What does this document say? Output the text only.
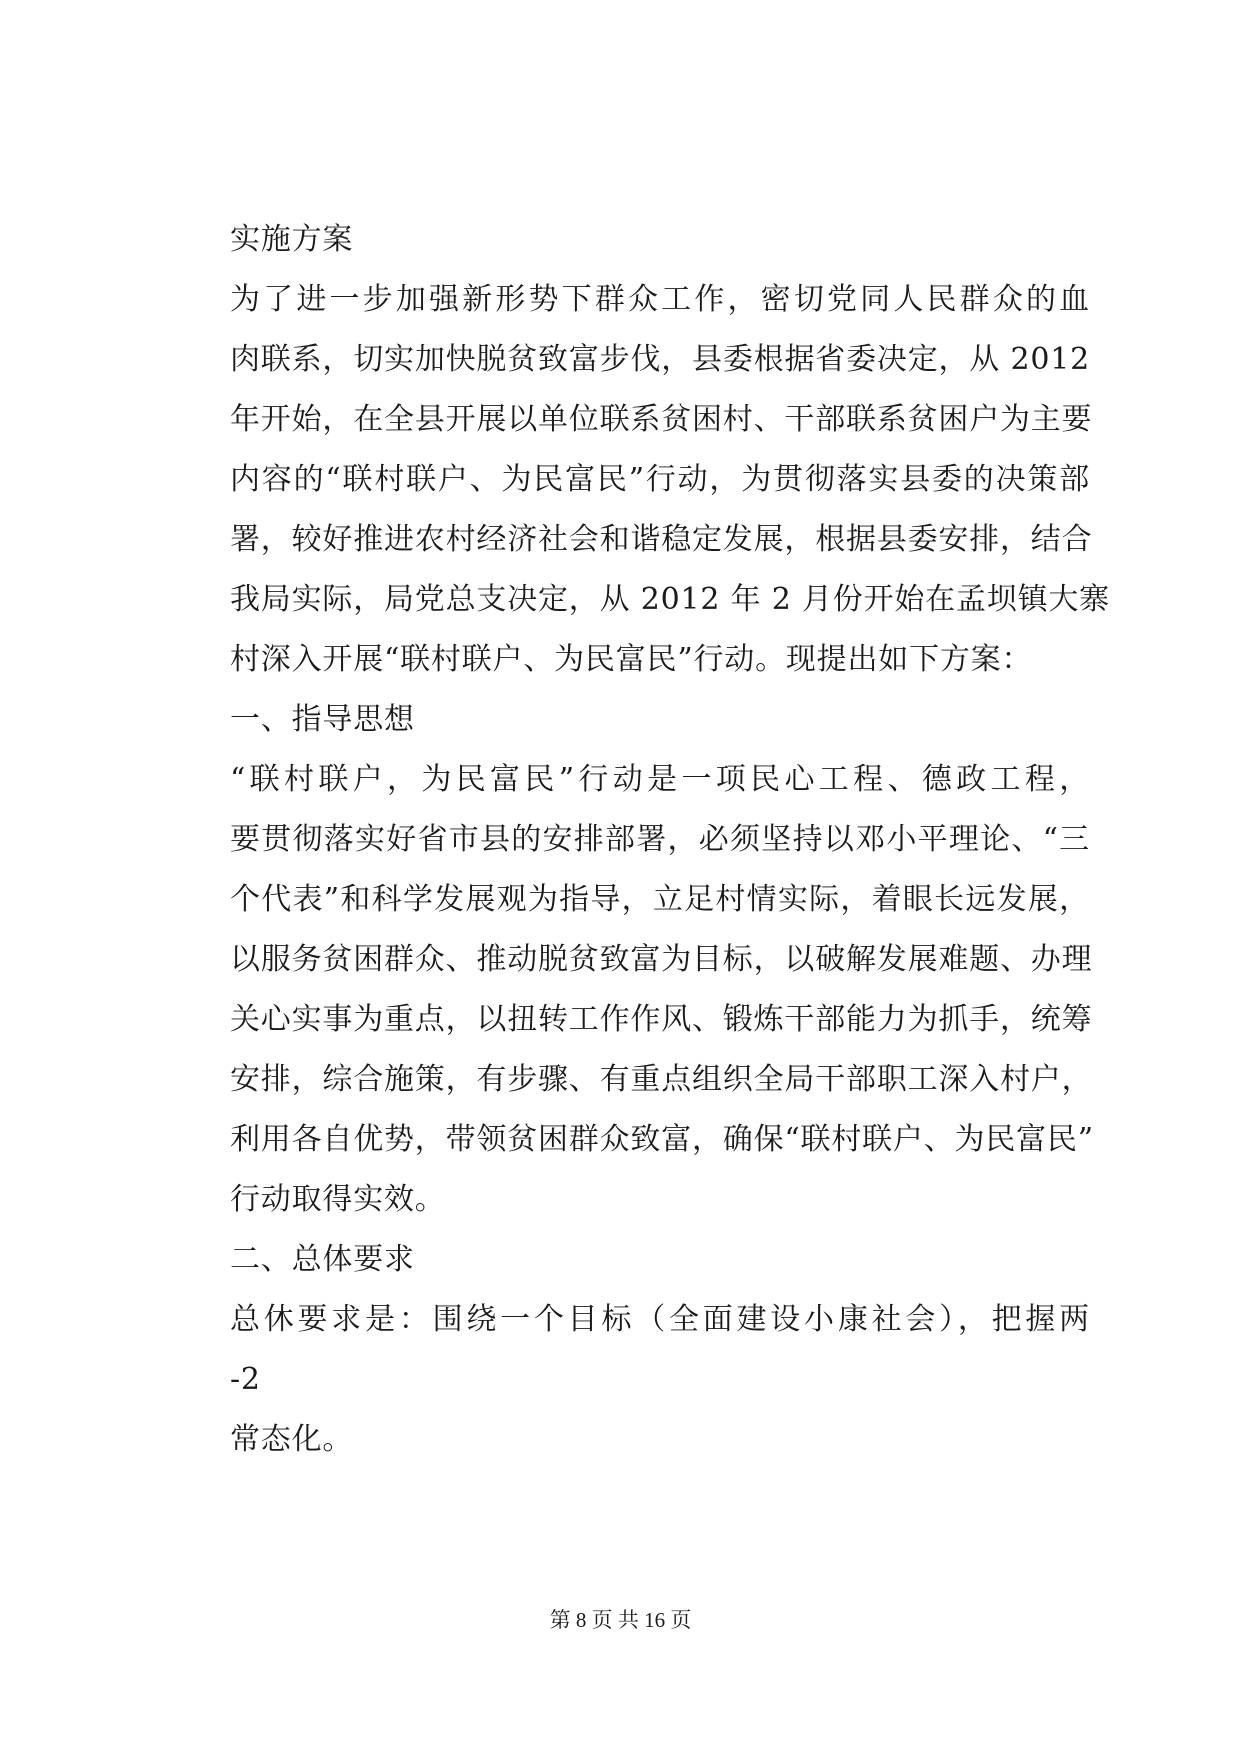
实施方案
为了进一步加强新形势下群众工作，密切党同人民群众的血
肉联系，切实加快脱贫致富步伐，县委根据省委决定，从 2012
年开始，在全县开展以单位联系贫困村、干部联系贫困户为主要
内容的“联村联户、为民富民”行动，为贯彻落实县委的决策部
署，较好推进农村经济社会和谐稳定发展，根据县委安排，结合
我局实际，局党总支决定，从 2012 年 2 月份开始在孟坝镇大寨
村深入开展“联村联户、为民富民”行动。现提出如下方案：
一、指导思想
“联村联户，为民富民”行动是一项民心工程、德政工程，
要贯彻落实好省市县的安排部署，必须坚持以邓小平理论、“三
个代表”和科学发展观为指导，立足村情实际，着眼长远发展，
以服务贫困群众、推动脱贫致富为目标，以破解发展难题、办理
关心实事为重点，以扭转工作作风、锻炼干部能力为抓手，统筹
安排，综合施策，有步骤、有重点组织全局干部职工深入村户，
利用各自优势，带领贫困群众致富，确保“联村联户、为民富民”
行动取得实效。
二、总体要求
总休要求是：围绕一个目标（全面建设小康社会），把握两
-2
常态化。
第 8 页 共 16 页
